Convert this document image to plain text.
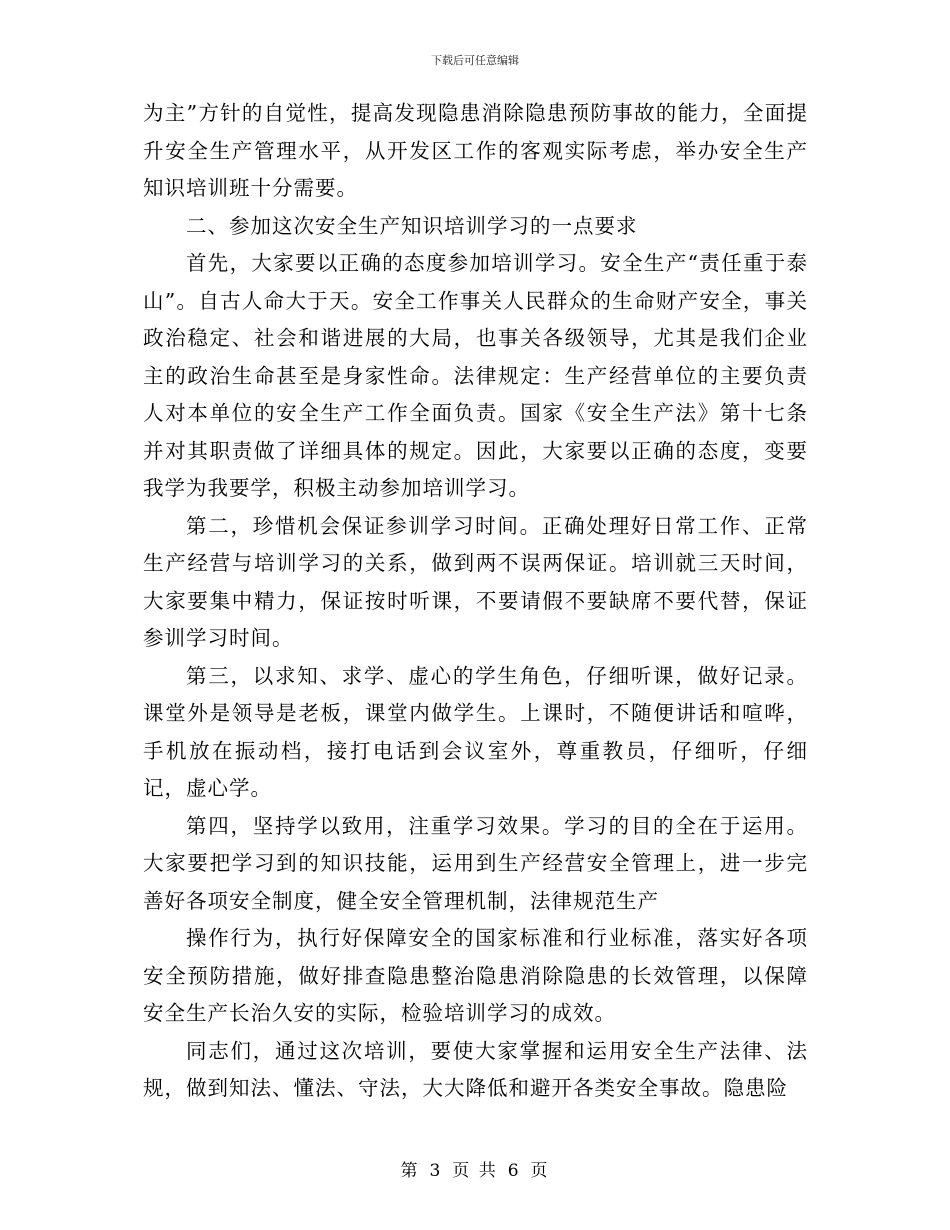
下载后可任意编辑

为主”方针的自觉性，提高发现隐患消除隐患预防事故的能力，全面提升安全生产管理水平，从开发区工作的客观实际考虑，举办安全生产知识培训班十分需要。

二、参加这次安全生产知识培训学习的一点要求

首先，大家要以正确的态度参加培训学习。安全生产“责任重于泰山”。自古人命大于天。安全工作事关人民群众的生命财产安全，事关政治稳定、社会和谐进展的大局，也事关各级领导，尤其是我们企业主的政治生命甚至是身家性命。法律规定：生产经营单位的主要负责人对本单位的安全生产工作全面负责。国家《安全生产法》第十七条并对其职责做了详细具体的规定。因此，大家要以正确的态度，变要我学为我要学，积极主动参加培训学习。

第二，珍惜机会保证参训学习时间。正确处理好日常工作、正常生产经营与培训学习的关系，做到两不误两保证。培训就三天时间，大家要集中精力，保证按时听课，不要请假不要缺席不要代替，保证参训学习时间。

第三，以求知、求学、虚心的学生角色，仔细听课，做好记录。课堂外是领导是老板，课堂内做学生。上课时，不随便讲话和喧哗，手机放在振动档，接打电话到会议室外，尊重教员，仔细听，仔细记，虚心学。

第四，坚持学以致用，注重学习效果。学习的目的全在于运用。大家要把学习到的知识技能，运用到生产经营安全管理上，进一步完善好各项安全制度，健全安全管理机制，法律规范生产

操作行为，执行好保障安全的国家标准和行业标准，落实好各项安全预防措施，做好排查隐患整治隐患消除隐患的长效管理，以保障安全生产长治久安的实际，检验培训学习的成效。

同志们，通过这次培训，要使大家掌握和运用安全生产法律、法规，做到知法、懂法、守法，大大降低和避开各类安全事故。隐患险

第 3 页 共 6 页
